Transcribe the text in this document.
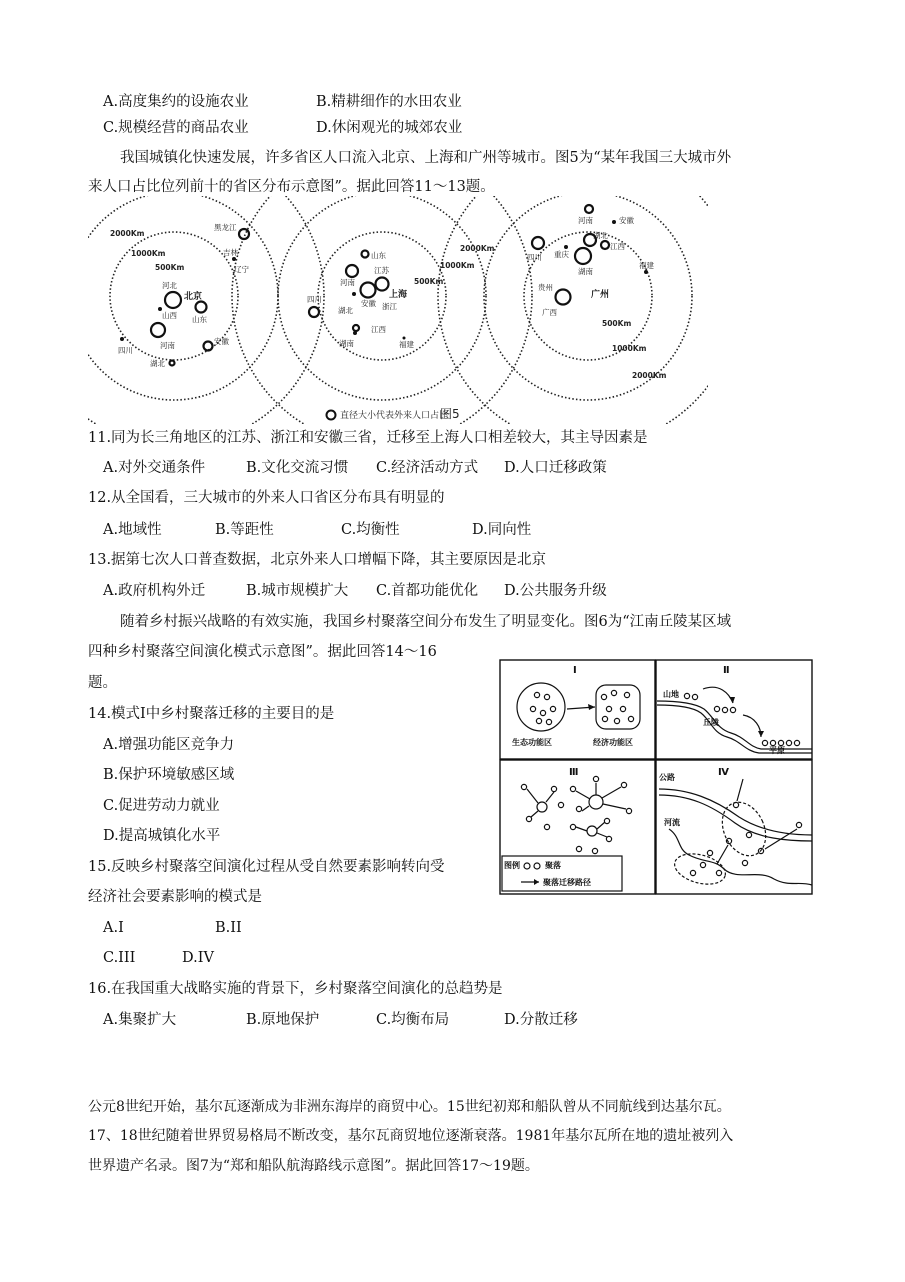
A.高度集约的设施农业	B.精耕细作的水田农业
C.规模经营的商品农业	D.休闲观光的城郊农业
我国城镇化快速发展，许多省区人口流入北京、上海和广州等城市。图5为“某年我国三大城市外
来人口占比位列前十的省区分布示意图”。据此回答11～13题。
2000Km
1000Km
500Km
北京
黑龙江
吉林
辽宁
河北
山西 山东
河南	安徽
四川
湖北
2000Km
1000Km
500Km
上海
山东
江苏
河南
安徽 浙江
湖北
四川
江西
湖南	福建
2000Km
1000Km
500Km
广州
河南	安徽
湖北
江西
四川 重庆
湖南
福建
贵州
广西
直径大小代表外来人口占比
图5
11.同为长三角地区的江苏、浙江和安徽三省，迁移至上海人口相差较大，其主导因素是
A.对外交通条件	B.文化交流习惯 C.经济活动方式 D.人口迁移政策
12.从全国看，三大城市的外来人口省区分布具有明显的
A.地域性	B.等距性	C.均衡性	D.同向性
13.据第七次人口普查数据，北京外来人口增幅下降，其主要原因是北京
A.政府机构外迁	B.城市规模扩大 C.首都功能优化 D.公共服务升级
随着乡村振兴战略的有效实施，我国乡村聚落空间分布发生了明显变化。图6为“江南丘陵某区域
四种乡村聚落空间演化模式示意图”。据此回答14～16
题。
Ⅰ
生态功能区	经济功能区
Ⅱ
山地
丘陵
平原
Ⅲ
图例	聚落
聚落迁移路径
Ⅳ
公路
河流
14.模式Ⅰ中乡村聚落迁移的主要目的是
A.增强功能区竞争力
B.保护环境敏感区域
C.促进劳动力就业
D.提高城镇化水平
15.反映乡村聚落空间演化过程从受自然要素影响转向受
经济社会要素影响的模式是
A.I	B.II
C.III	D.IV
16.在我国重大战略实施的背景下，乡村聚落空间演化的总趋势是
A.集聚扩大	B.原地保护	C.均衡布局	D.分散迁移
公元8世纪开始，基尔瓦逐渐成为非洲东海岸的商贸中心。15世纪初郑和船队曾从不同航线到达基尔瓦。
17、18世纪随着世界贸易格局不断改变，基尔瓦商贸地位逐渐衰落。1981年基尔瓦所在地的遗址被列入
世界遗产名录。图7为“郑和船队航海路线示意图”。据此回答17～19题。
